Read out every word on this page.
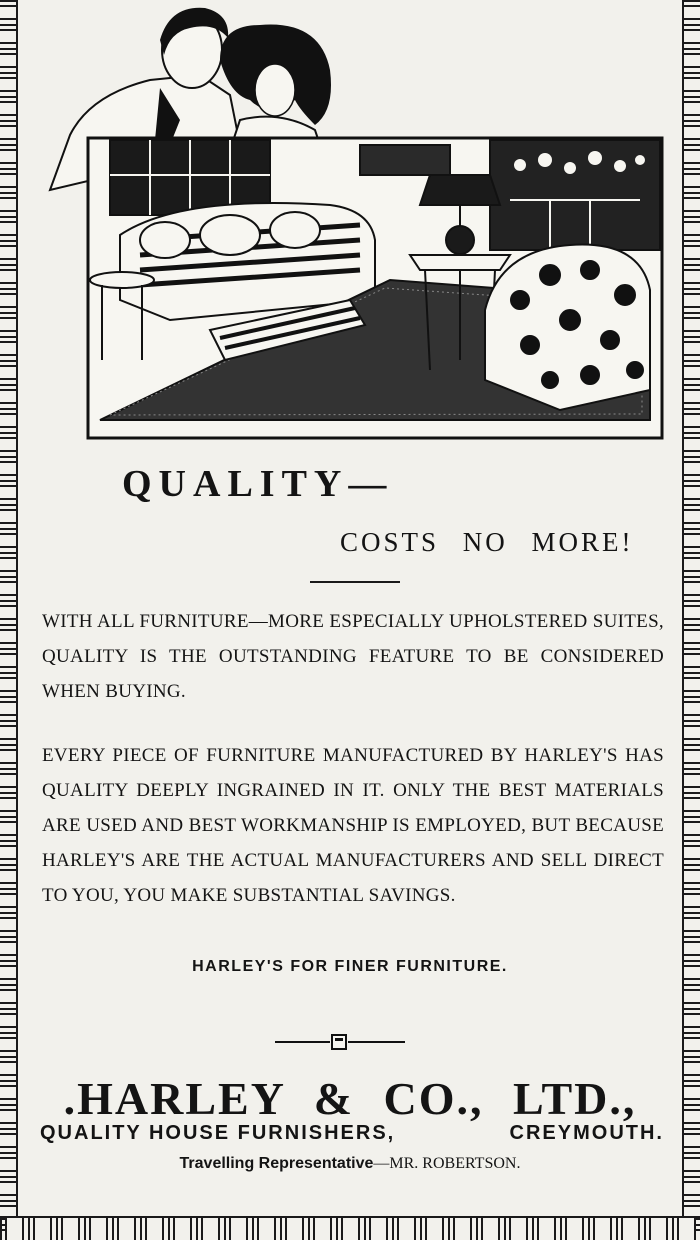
QUALITY—
COSTS NO MORE!
WITH ALL FURNITURE—MORE ESPECIALLY UPHOLSTERED SUITES, QUALITY IS THE OUTSTANDING FEATURE TO BE CONSIDERED WHEN BUYING.
EVERY PIECE OF FURNITURE MANUFACTURED BY HARLEY'S HAS QUALITY DEEPLY INGRAINED IN IT. ONLY THE BEST MATERIALS ARE USED AND BEST WORKMANSHIP IS EMPLOYED, BUT BECAUSE HARLEY'S ARE THE ACTUAL MANUFACTURERS AND SELL DIRECT TO YOU, YOU MAKE SUBSTANTIAL SAVINGS.
HARLEY'S FOR FINER FURNITURE.
.HARLEY & CO., LTD.,
QUALITY HOUSE FURNISHERS,	CREYMOUTH.
Travelling Representative—MR. ROBERTSON.
